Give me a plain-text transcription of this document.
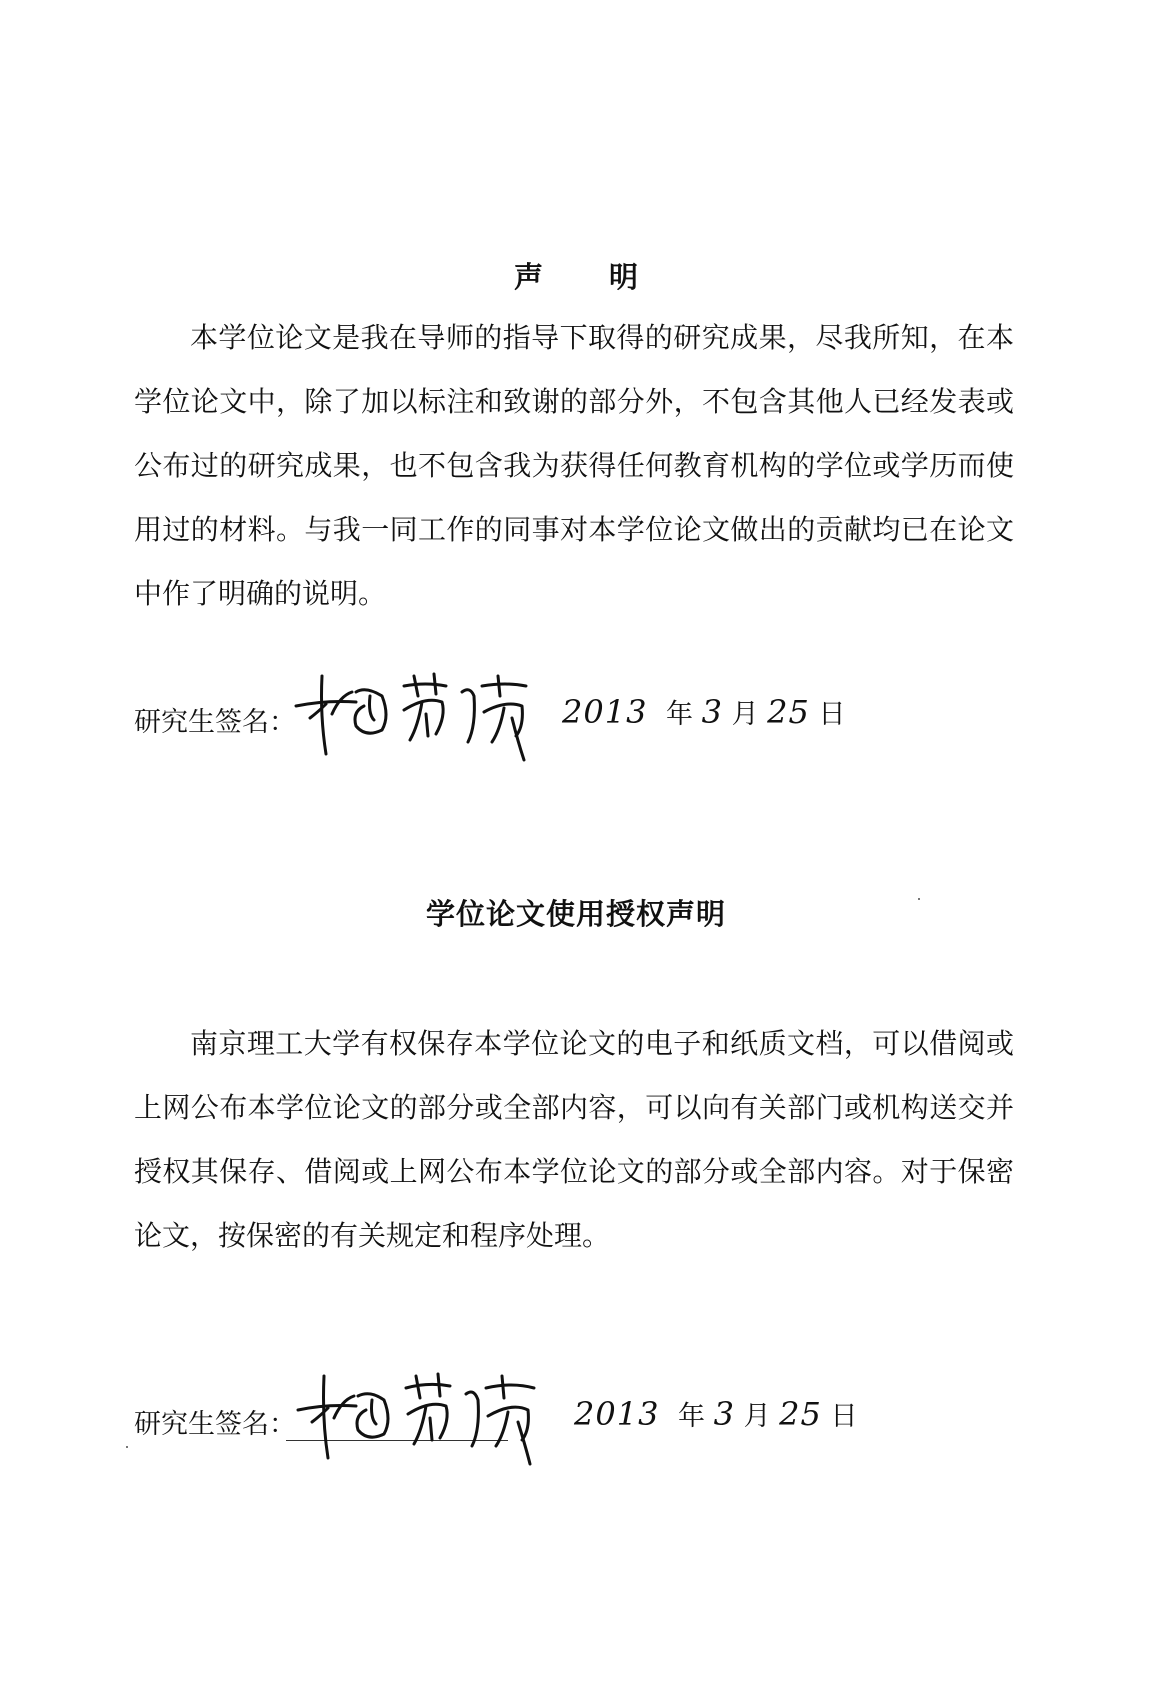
声 明

本学位论文是我在导师的指导下取得的研究成果，尽我所知，在本学位论文中，除了加以标注和致谢的部分外，不包含其他人已经发表或公布过的研究成果，也不包含我为获得任何教育机构的学位或学历而使用过的材料。与我一同工作的同事对本学位论文做出的贡献均已在论文中作了明确的说明。

研究生签名：	2013 年 3 月 25 日
学位论文使用授权声明

南京理工大学有权保存本学位论文的电子和纸质文档，可以借阅或上网公布本学位论文的部分或全部内容，可以向有关部门或机构送交并授权其保存、借阅或上网公布本学位论文的部分或全部内容。对于保密论文，按保密的有关规定和程序处理。

研究生签名：	2013 年 3 月 25 日
